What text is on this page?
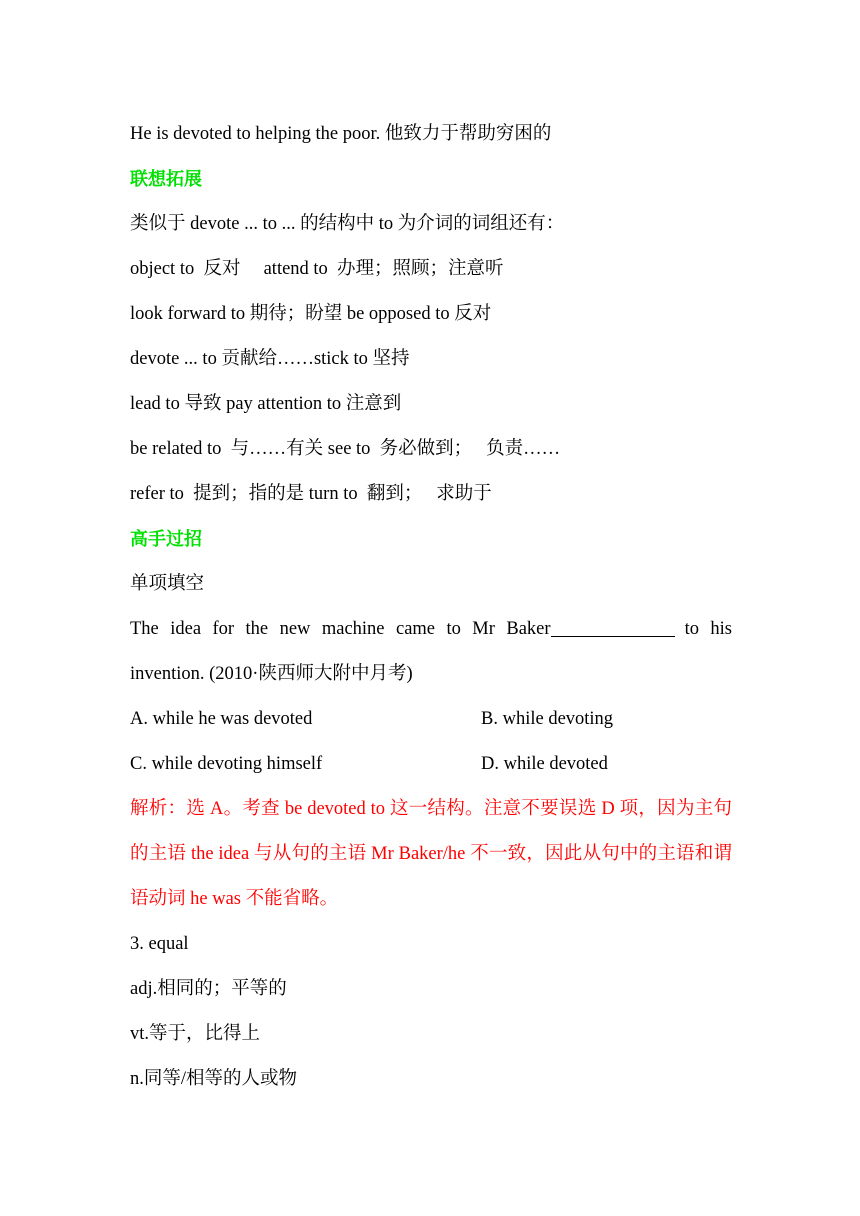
He is devoted to helping the poor. 他致力于帮助穷困的
联想拓展
类似于 devote ... to ... 的结构中 to 为介词的词组还有：
object to  反对     attend to  办理；照顾；注意听
look forward to 期待；盼望 be opposed to 反对
devote ... to 贡献给……stick to 坚持
lead to 导致 pay attention to 注意到
be related to  与……有关 see to  务必做到；   负责……
refer to  提到；指的是 turn to  翻到；   求助于
高手过招
单项填空
The idea for the new machine came to Mr Baker	to his
invention. (2010·陕西师大附中月考)
A. while he was devoted	B. while devoting
C. while devoting himself	D. while devoted
解析：选 A。考查 be devoted to 这一结构。注意不要误选 D 项，因为主句的主语 the idea 与从句的主语 Mr Baker/he 不一致，因此从句中的主语和谓语动词 he was 不能省略。
3. equal
adj.相同的；平等的
vt.等于，比得上
n.同等/相等的人或物
